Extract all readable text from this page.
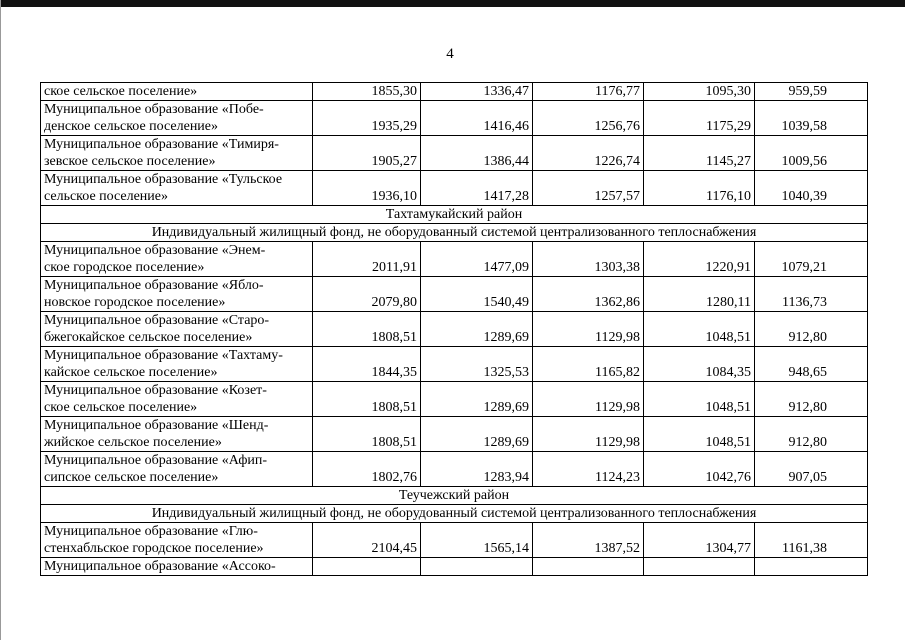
4
ское сельское поселение»	1855,30	1336,47	1176,77	1095,30	959,59

Муниципальное образование «Побе-
денское сельское поселение»	1935,29	1416,46	1256,76	1175,29	1039,58

Муниципальное образование «Тимиря-
зевское сельское поселение»	1905,27	1386,44	1226,74	1145,27	1009,56

Муниципальное образование «Тульское
сельское поселение»	1936,10	1417,28	1257,57	1176,10	1040,39
Тахтамукайский район					
Индивидуальный жилищный фонд, не оборудованный системой централизованного теплоснабжения					

Муниципальное образование «Энем-
ское городское поселение»	2011,91	1477,09	1303,38	1220,91	1079,21

Муниципальное образование «Ябло-
новское городское поселение»	2079,80	1540,49	1362,86	1280,11	1136,73

Муниципальное образование «Старо-
бжегокайское сельское поселение»	1808,51	1289,69	1129,98	1048,51	912,80

Муниципальное образование «Тахтаму-
кайское сельское поселение»	1844,35	1325,53	1165,82	1084,35	948,65

Муниципальное образование «Козет-
ское сельское поселение»	1808,51	1289,69	1129,98	1048,51	912,80

Муниципальное образование «Шенд-
жийское сельское поселение»	1808,51	1289,69	1129,98	1048,51	912,80

Муниципальное образование «Афип-
сипское сельское поселение»	1802,76	1283,94	1124,23	1042,76	907,05
Теучежский район					
Индивидуальный жилищный фонд, не оборудованный системой централизованного теплоснабжения					

Муниципальное образование «Глю-
стенхабльское городское поселение»	2104,45	1565,14	1387,52	1304,77	1161,38

Муниципальное образование «Ассоко-					
